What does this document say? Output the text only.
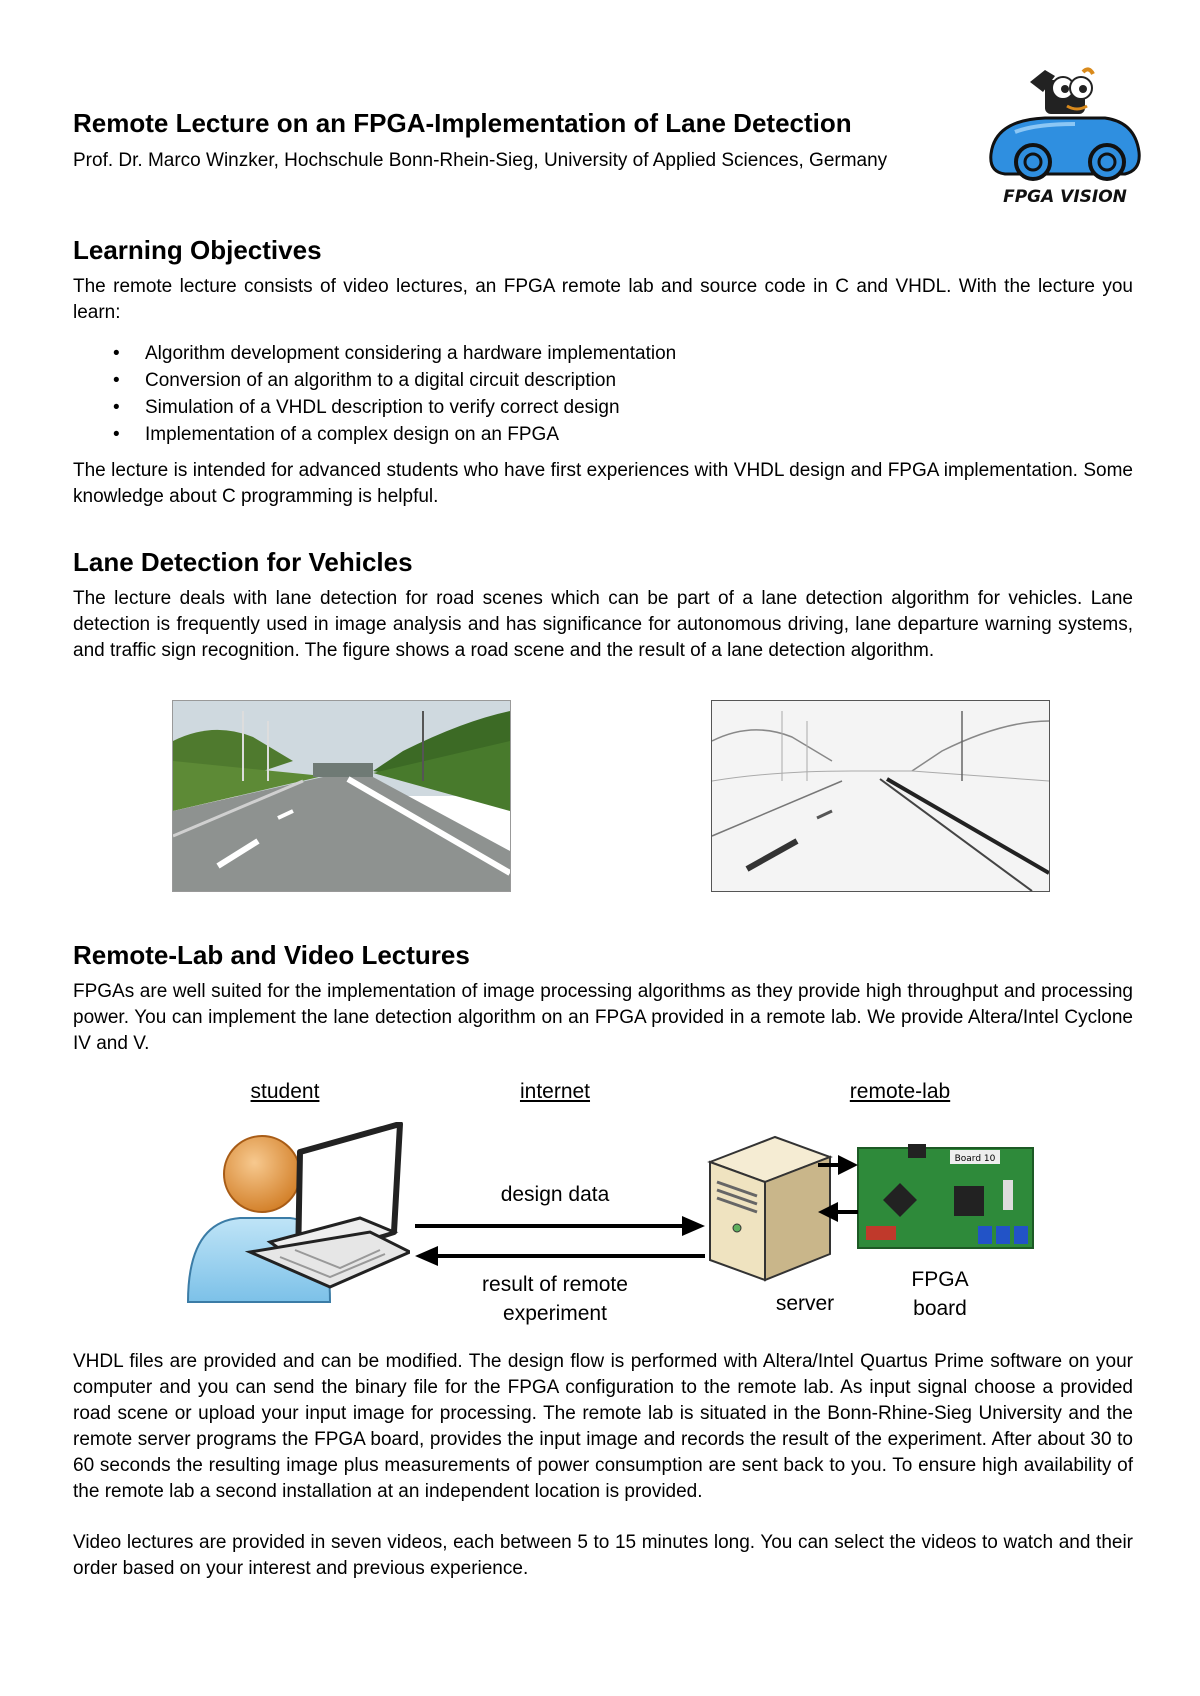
Remote Lecture on an FPGA-Implementation of Lane Detection

Prof. Dr. Marco Winzker, Hochschule Bonn-Rhein-Sieg, University of Applied Sciences, Germany

FPGA VISION
Learning Objectives

The remote lecture consists of video lectures, an FPGA remote lab and source code in C and VHDL. With the lecture you learn:

• Algorithm development considering a hardware implementation
• Conversion of an algorithm to a digital circuit description
• Simulation of a VHDL description to verify correct design
• Implementation of a complex design on an FPGA

The lecture is intended for advanced students who have first experiences with VHDL design and FPGA implementation. Some knowledge about C programming is helpful.

Lane Detection for Vehicles

The lecture deals with lane detection for road scenes which can be part of a lane detection algorithm for vehicles. Lane detection is frequently used in image analysis and has significance for autonomous driving, lane departure warning systems, and traffic sign recognition. The figure shows a road scene and the result of a lane detection algorithm.

Remote-Lab and Video Lectures

FPGAs are well suited for the implementation of image processing algorithms as they provide high throughput and processing power. You can implement the lane detection algorithm on an FPGA provided in a remote lab. We provide Altera/Intel Cyclone IV and V.

student	internet	remote-lab
design data
result of remote
experiment	server
Board 10
FPGA
board

VHDL files are provided and can be modified. The design flow is performed with Altera/Intel Quartus Prime software on your computer and you can send the binary file for the FPGA configuration to the remote lab. As input signal choose a provided road scene or upload your input image for processing. The remote lab is situated in the Bonn-Rhine-Sieg University and the remote server programs the FPGA board, provides the input image and records the result of the experiment. After about 30 to 60 seconds the resulting image plus measurements of power consumption are sent back to you. To ensure high availability of the remote lab a second installation at an independent location is provided.

Video lectures are provided in seven videos, each between 5 to 15 minutes long. You can select the videos to watch and their order based on your interest and previous experience.
